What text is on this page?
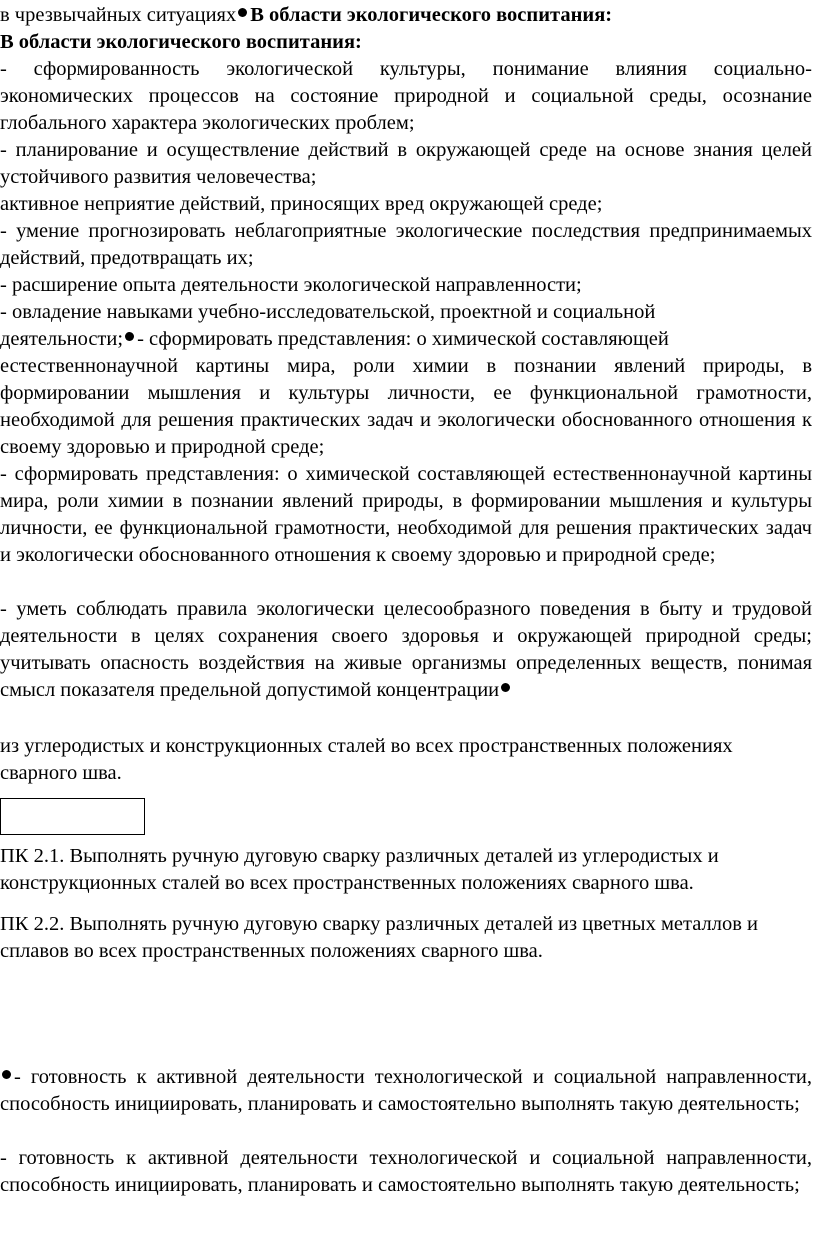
в чрезвычайных ситуациях В области экологического воспитания:

В области экологического воспитания:

- сформированность экологической культуры, понимание влияния социально-экономических процессов на состояние природной и социальной среды, осознание глобального характера экологических проблем;

- планирование и осуществление действий в окружающей среде на основе знания целей устойчивого развития человечества;

активное неприятие действий, приносящих вред окружающей среде;

- умение прогнозировать неблагоприятные экологические последствия предпринимаемых действий, предотвращать их;

- расширение опыта деятельности экологической направленности;

- овладение навыками учебно-исследовательской, проектной и социальной
деятельности; - сформировать представления: о химической составляющей

естественнонаучной картины мира, роли химии в познании явлений природы, в формировании мышления и культуры личности, ее функциональной грамотности, необходимой для решения практических задач и экологически обоснованного отношения к своему здоровью и природной среде;

- сформировать представления: о химической составляющей естественнонаучной картины мира, роли химии в познании явлений природы, в формировании мышления и культуры личности, ее функциональной грамотности, необходимой для решения практических задач и экологически обоснованного отношения к своему здоровью и природной среде;

- уметь соблюдать правила экологически целесообразного поведения в быту и трудовой деятельности в целях сохранения своего здоровья и окружающей природной среды; учитывать опасность воздействия на живые организмы определенных веществ, понимая смысл показателя предельной допустимой концентрации

из углеродистых и конструкционных сталей во всех пространственных положениях сварного шва.

ПК 2.1. Выполнять ручную дуговую сварку различных деталей из углеродистых и конструкционных сталей во всех пространственных положениях сварного шва.

ПК 2.2. Выполнять ручную дуговую сварку различных деталей из цветных металлов и сплавов во всех пространственных положениях сварного шва.

- готовность к активной деятельности технологической и социальной направленности, способность инициировать, планировать и самостоятельно выполнять такую деятельность;

- готовность к активной деятельности технологической и социальной направленности, способность инициировать, планировать и самостоятельно выполнять такую деятельность;
